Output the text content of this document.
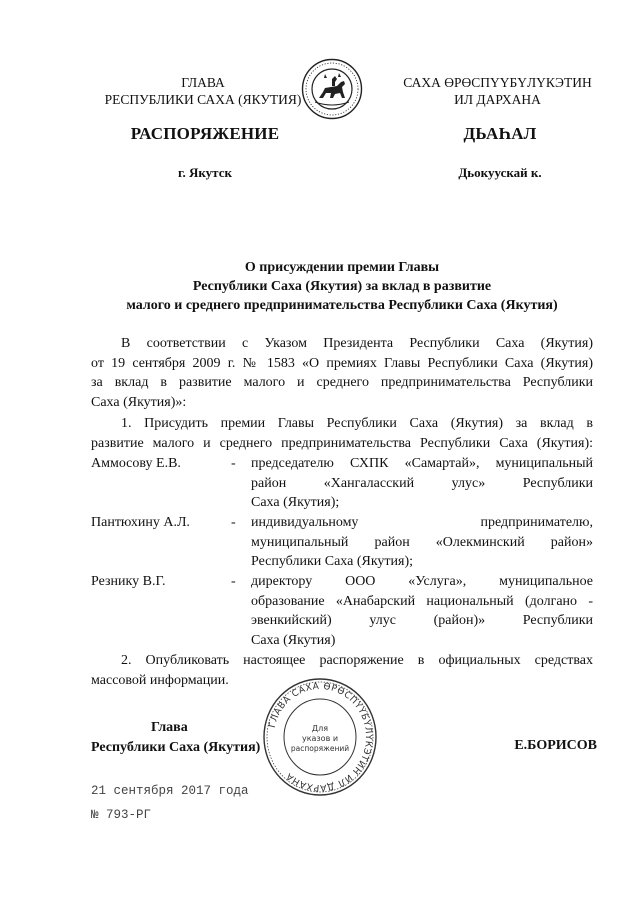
ГЛАВА
РЕСПУБЛИКИ САХА (ЯКУТИЯ)
САХА ӨРӨСПҮҮБҮЛҮКЭТИН
ИЛ ДАРХАНА
РАСПОРЯЖЕНИЕ	ДЬАҺАЛ
г. Якутск	Дьокуускай к.
О присуждении премии Главы
Республики Саха (Якутия) за вклад в развитие
малого и среднего предпринимательства Республики Саха (Якутия)
В соответствии с Указом Президента Республики Саха (Якутия)
от 19 сентября 2009 г. № 1583 «О премиях Главы Республики Саха (Якутия)
за вклад в развитие малого и среднего предпринимательства Республики
Саха (Якутия)»:
1. Присудить премии Главы Республики Саха (Якутия) за вклад в
развитие малого и среднего предпринимательства Республики Саха (Якутия):
Аммосову Е.В.	- председателю СХПК «Самартай», муниципальный
район «Хангаласский улус» Республики
Саха (Якутия);
Пантюхину А.Л.	- индивидуальному предпринимателю,
муниципальный район «Олекминский район»
Республики Саха (Якутия);
Резнику В.Г.	- директору ООО «Услуга», муниципальное
образование «Анабарский национальный (долгано -
эвенкийский) улус (район)» Республики
Саха (Якутия)
2. Опубликовать настоящее распоряжение в официальных средствах
массовой информации.
Глава
Республики Саха (Якутия)
ГЛАВА САХА ӨРӨСПҮҮБҮЛҮКЭТИН ИЛ ДАРХАНА
Для
указов и
распоряжений	Е.БОРИСОВ
21 сентября 2017 года
№ 793-РГ
